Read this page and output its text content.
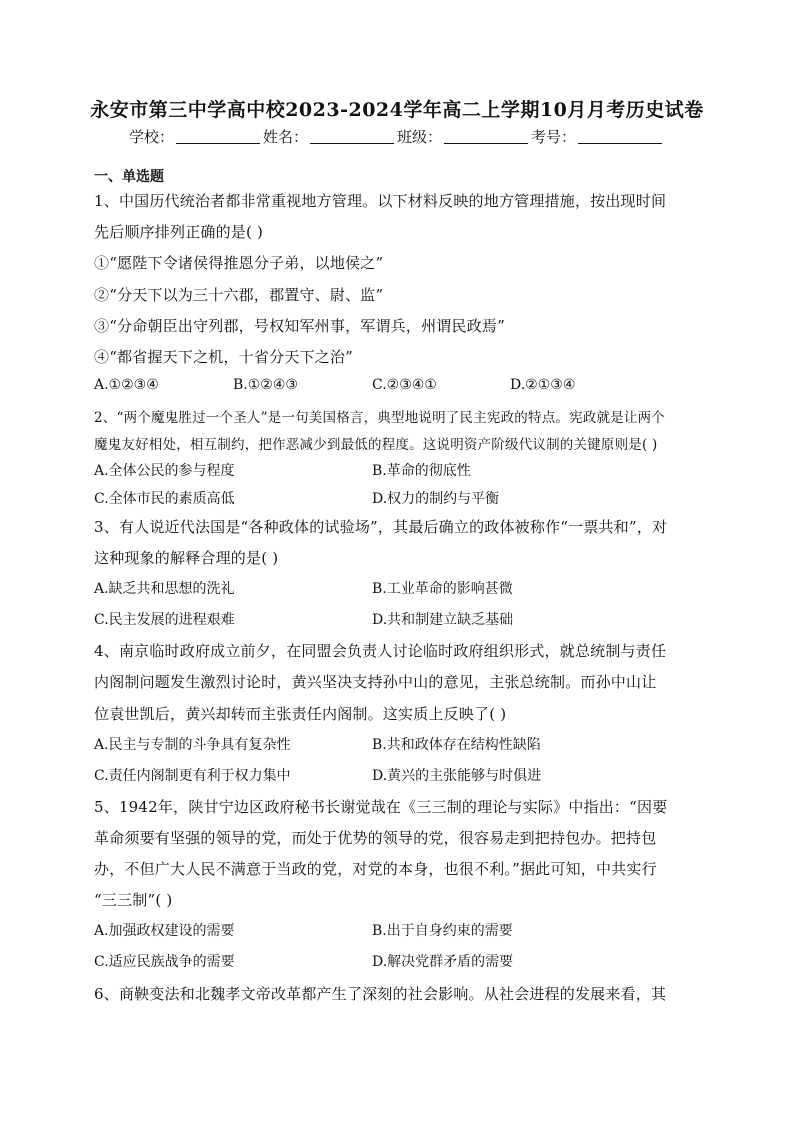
永安市第三中学高中校2023-2024学年高二上学期10月月考历史试卷
学校：	姓名：	班级：	考号：
一、单选题
1、中国历代统治者都非常重视地方管理。以下材料反映的地方管理措施，按出现时间
先后顺序排列正确的是( )
①“愿陛下令诸侯得推恩分子弟，以地侯之”
②“分天下以为三十六郡，郡置守、尉、监”
③“分命朝臣出守列郡，号权知军州事，军谓兵，州谓民政焉”
④“都省握天下之机，十省分天下之治”
A.①②③④	B.①②④③	C.②③④①	D.②①③④
2、“两个魔鬼胜过一个圣人”是一句美国格言，典型地说明了民主宪政的特点。宪政就是让两个
魔鬼友好相处，相互制约，把作恶减少到最低的程度。这说明资产阶级代议制的关键原则是( )
A.全体公民的参与程度	B.革命的彻底性
C.全体市民的素质高低	D.权力的制约与平衡
3、有人说近代法国是“各种政体的试验场”，其最后确立的政体被称作“一票共和”，对
这种现象的解释合理的是( )
A.缺乏共和思想的洗礼	B.工业革命的影响甚微
C.民主发展的进程艰难	D.共和制建立缺乏基础
4、南京临时政府成立前夕，在同盟会负责人讨论临时政府组织形式，就总统制与责任
内阁制问题发生激烈讨论时，黄兴坚决支持孙中山的意见，主张总统制。而孙中山让
位袁世凯后，黄兴却转而主张责任内阁制。这实质上反映了( )
A.民主与专制的斗争具有复杂性	B.共和政体存在结构性缺陷
C.责任内阁制更有利于权力集中	D.黄兴的主张能够与时俱进
5、1942年，陕甘宁边区政府秘书长谢觉哉在《三三制的理论与实际》中指出：“因要
革命须要有坚强的领导的党，而处于优势的领导的党，很容易走到把持包办。把持包
办，不但广大人民不满意于当政的党，对党的本身，也很不利。”据此可知，中共实行
“三三制”( )
A.加强政权建设的需要	B.出于自身约束的需要
C.适应民族战争的需要	D.解决党群矛盾的需要
6、商鞅变法和北魏孝文帝改革都产生了深刻的社会影响。从社会进程的发展来看，其
